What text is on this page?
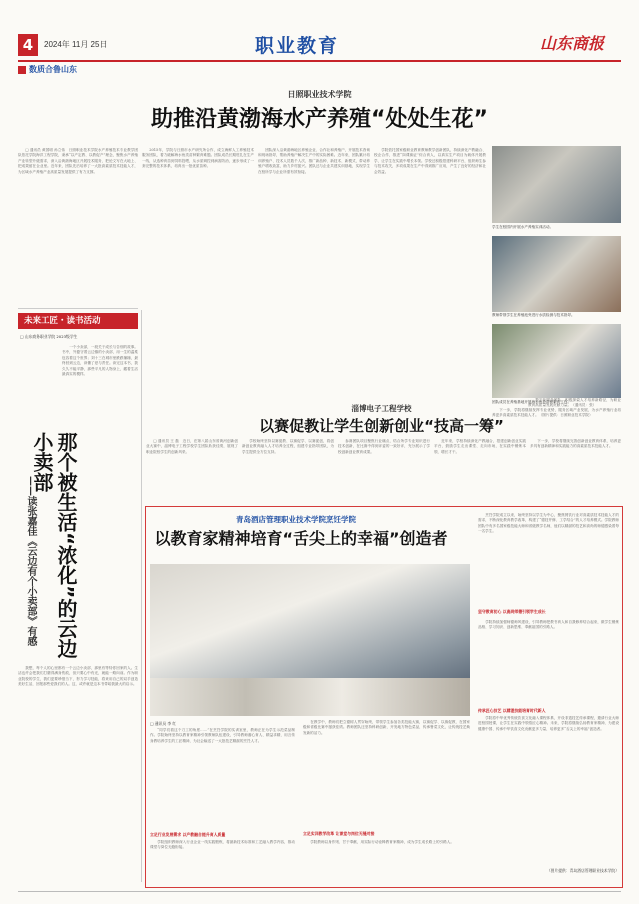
4	2024年 11月 25日	职业教育	山东商报
数质合鲁山东
日照职业技术学院
助推沿黄渤海水产养殖“处处生花”

□ 通讯员 黄国明 孙立伟　日照职业技术学院水产养殖技术专业教学团队依托学院海洋工程学院，秉承“以产定教、以教促产”理念，聚焦水产养殖产业转型升级需求，深入沿黄渤海地区开展技术服务，把论文写在大地上、把成果留在企业里。近年来，团队先后培养了一大批高素质技术技能人才，为区域水产养殖产业高质量发展提供了有力支撑。

2015年，学院与日照市水产研究所合作，成立海鲜人工养殖技术服务团队，着力破解海水鱼类苗种繁育难题。团队成员长期驻扎在生产一线，从选种育苗到饲料投喂，从水质调控到病害防治，逐步形成了一套完整的技术体系，培育出一批优质苗种。

团队深入沿黄渤海地区养殖企业、合作社和养殖户，开展技术咨询和现场指导，帮助养殖户解决生产中的实际困难。近年来，团队累计培训养殖户、技术人员数千人次，推广新品种、新技术、新模式，带动养殖户增收致富，助力乡村振兴。团队还与企业共建实训基地，实现学生在校所学与企业所需有效衔接。

学院依托国家级职业教育教师教学创新团队，持续深化产教融合、校企合作，推进“岗课赛证”综合育人，以真实生产项目为载体开展教学，让学生在实践中增长本领。学校还积极搭建科研平台，组织师生参与技术攻关，多项成果在生产中得到推广应用，产生了良好的经济和社会效益。

学生在校园内开展水产养殖实训活动。
教师带领学生在养殖池旁进行水质检测与技术指导。
团队成员在养殖基地开展海水鱼类苗种繁育工作。

下一步，学院将继续发挥专业优势，服务区域产业发展，为水产养殖行业培养更多高素质技术技能人才。（图片提供：日照职业技术学院）

未来工匠・读书活动
□ 山东商务职业学院 2023级学生
那个被生活“浓化”的云边小卖部
——读张嘉佳《云边有个小卖部》有感

一个小卖部，一段关于成长与告别的故事。书中，外婆守着云边镇的小卖部，用一生的温柔包容着这个世界；刘十三在城市里跌跌撞撞，最终回到云边，读懂了爱与责任。读完这本书，我久久不能平静，那些平凡的人物身上，藏着生活最真实的模样。

我想，每个人的心里都有一个云边小卖部，那里有等待你回家的人。生活也许会把我们打磨得满身伤痕，但只要心中有光，就能一路向前。作为职业院校的学生，我们更要珍惜当下，努力学习技能，将来用自己的双手创造美好生活，回报那些爱我们的人。这，或许就是这本书带给我最大的启示。

数字化服务团队，积极探索人才培养新路径，为职业教育高质量发展贡献力量。（通讯员：张）

淄博电子工程学校
以赛促教让学生创新创业“技高一筹”

□ 通讯员 王 磊　近日，在第八届山东省黄河创新创业大赛中，淄博电子工程学校学生团队斩获佳绩，展现了职业院校学生的创新风采。

学校始终坚持以赛促教、以赛促学、以赛促创，将创新创业教育融入人才培养全过程，组建专业指导团队，为学生提供全方位支持。

参赛团队项目聚焦行业痛点，结合所学专业知识进行技术创新，在比赛中得到评委的一致好评，充分展示了学校创新创业教育成果。

近年来，学校持续深化产教融合，搭建创新创业实践平台，鼓励学生走出课堂、走向市场，在实践中锤炼本领、增长才干。

下一步，学校将继续完善创新创业教育体系，培养更多具有创新精神和实践能力的高素质技术技能人才。

青岛酒店管理职业技术学院烹饪学院
以教育家精神培育“舌尖上的幸福”创造者

烹饪学院成立以来，始终坚持以学生为中心，聚焦餐饮行业对高素质技术技能人才的需求，不断深化教育教学改革，构建了“德技并修、工学结合”的人才培养模式。学院教师团队中有多名国家级技能大师和省级教学名师，他们以精湛的技艺和高尚的师德感染着每一名学生。

坚守教育初心 以高尚师德引领学生成长

学院持续加强师德师风建设，引导教师把教书育人和自我修养结合起来，做学生锤炼品格、学习知识、创新思维、奉献祖国的引路人。

传承匠心技艺 以精湛技能培育时代新人

学院将中华优秀传统饮食文化融入课程体系，开设非遗技艺传承课程，邀请行业大师进校园授课，让学生在实践中领悟匠心精神。未来，学院将继续弘扬教育家精神，为建设健康中国、传承中华饮食文化贡献更多力量，培养更多“舌尖上的幸福”创造者。

□ 通讯员 李 红

“同学们看这个刀工的角度……”在烹饪学院的实训室里，教师正在为学生示范菜品制作。学院始终坚持以教育家精神引领教师队伍建设，引导教师潜心育人、精益求精，用言传身教培养学生的工匠精神，为社会输送了一大批技艺精湛的烹饪人才。

立足行业发展需求 以产教融合提升育人质量

学院组织教师深入行业企业一线实践锻炼，将最新技术标准和工艺融入教学内容，推动课堂与岗位无缝衔接。

在教学中，教师们把立德树人贯穿始终，带领学生参加各类技能大赛，以赛促学、以赛促教，在国家级和省级比赛中屡获佳绩。教师团队还坚持科研创新，开发地方特色菜品，传承鲁菜文化，让传统技艺焕发新的活力。

立足实训教学改革 让课堂与岗位无缝对接

学院教师以身作则、甘于奉献，用实际行动诠释教育家精神，成为学生成长路上的引路人。

（图片提供：青岛酒店管理职业技术学院）
